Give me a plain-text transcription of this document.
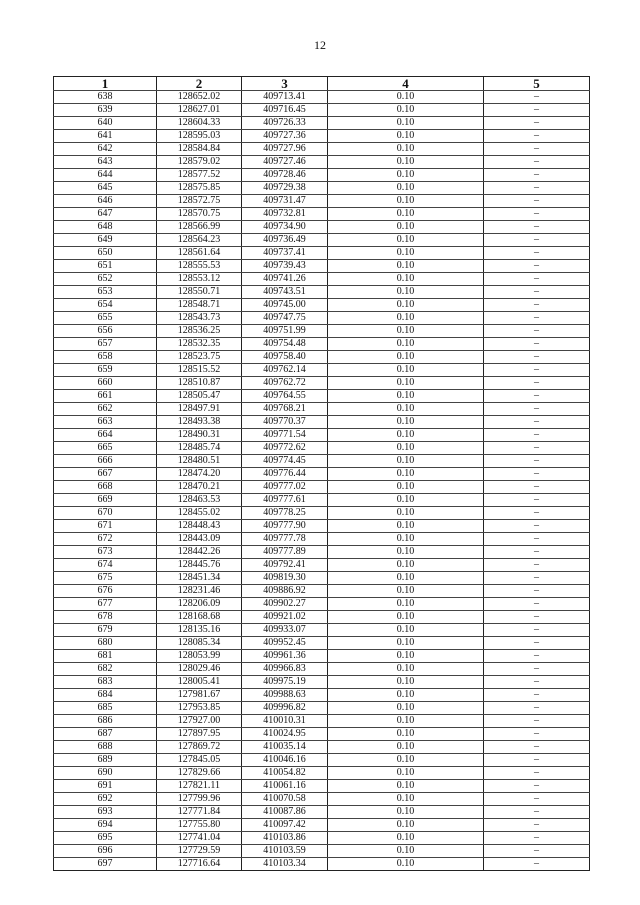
12
1	2	3	4	5
638	128652.02	409713.41	0.10	–
639	128627.01	409716.45	0.10	–
640	128604.33	409726.33	0.10	–
641	128595.03	409727.36	0.10	–
642	128584.84	409727.96	0.10	–
643	128579.02	409727.46	0.10	–
644	128577.52	409728.46	0.10	–
645	128575.85	409729.38	0.10	–
646	128572.75	409731.47	0.10	–
647	128570.75	409732.81	0.10	–
648	128566.99	409734.90	0.10	–
649	128564.23	409736.49	0.10	–
650	128561.64	409737.41	0.10	–
651	128555.53	409739.43	0.10	–
652	128553.12	409741.26	0.10	–
653	128550.71	409743.51	0.10	–
654	128548.71	409745.00	0.10	–
655	128543.73	409747.75	0.10	–
656	128536.25	409751.99	0.10	–
657	128532.35	409754.48	0.10	–
658	128523.75	409758.40	0.10	–
659	128515.52	409762.14	0.10	–
660	128510.87	409762.72	0.10	–
661	128505.47	409764.55	0.10	–
662	128497.91	409768.21	0.10	–
663	128493.38	409770.37	0.10	–
664	128490.31	409771.54	0.10	–
665	128485.74	409772.62	0.10	–
666	128480.51	409774.45	0.10	–
667	128474.20	409776.44	0.10	–
668	128470.21	409777.02	0.10	–
669	128463.53	409777.61	0.10	–
670	128455.02	409778.25	0.10	–
671	128448.43	409777.90	0.10	–
672	128443.09	409777.78	0.10	–
673	128442.26	409777.89	0.10	–
674	128445.76	409792.41	0.10	–
675	128451.34	409819.30	0.10	–
676	128231.46	409886.92	0.10	–
677	128206.09	409902.27	0.10	–
678	128168.68	409921.02	0.10	–
679	128135.16	409933.07	0.10	–
680	128085.34	409952.45	0.10	–
681	128053.99	409961.36	0.10	–
682	128029.46	409966.83	0.10	–
683	128005.41	409975.19	0.10	–
684	127981.67	409988.63	0.10	–
685	127953.85	409996.82	0.10	–
686	127927.00	410010.31	0.10	–
687	127897.95	410024.95	0.10	–
688	127869.72	410035.14	0.10	–
689	127845.05	410046.16	0.10	–
690	127829.66	410054.82	0.10	–
691	127821.11	410061.16	0.10	–
692	127799.96	410070.58	0.10	–
693	127771.84	410087.86	0.10	–
694	127755.80	410097.42	0.10	–
695	127741.04	410103.86	0.10	–
696	127729.59	410103.59	0.10	–
697	127716.64	410103.34	0.10	–
